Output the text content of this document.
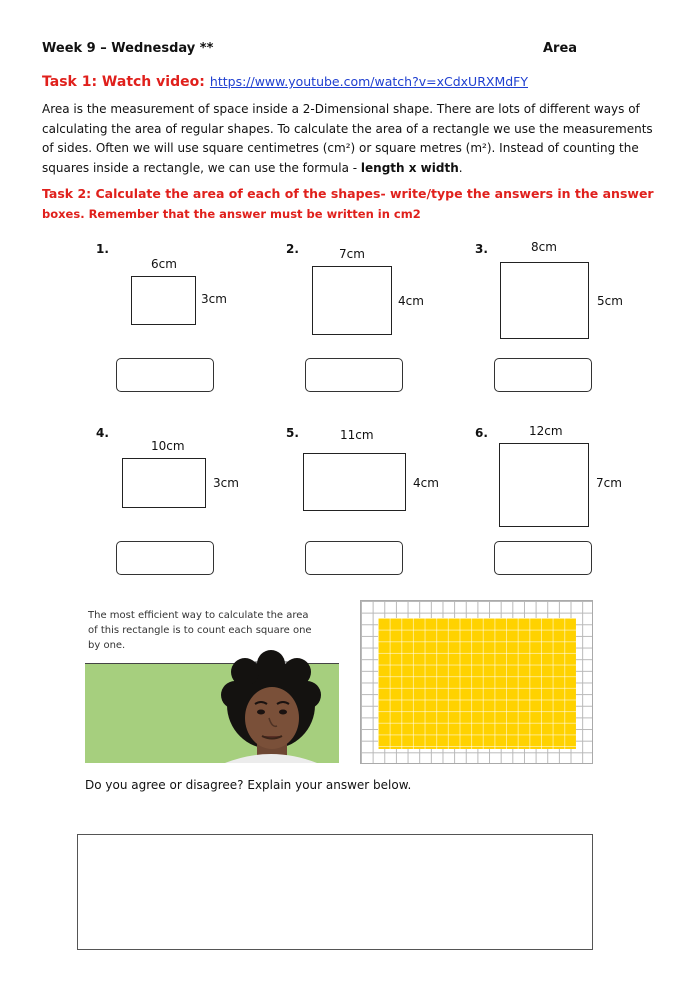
Week 9 – Wednesday **	Area
Task 1: Watch video: https://www.youtube.com/watch?v=xCdxURXMdFY
Area is the measurement of space inside a 2-Dimensional shape. There are lots of different ways of
calculating the area of regular shapes. To calculate the area of a rectangle we use the measurements
of sides. Often we will use square centimetres (cm²) or square metres (m²). Instead of counting the
squares inside a rectangle, we can use the formula - length x width.
Task 2: Calculate the area of each of the shapes- write/type the answers in the answer
boxes. Remember that the answer must be written in cm2
1.
6cm
3cm
2.	7cm
4cm
3.	8cm
5cm
4.
10cm
3cm
5.	11cm
4cm
6.	12cm
7cm
The most efficient way to calculate the area
of this rectangle is to count each square one
by one.
Do you agree or disagree? Explain your answer below.
